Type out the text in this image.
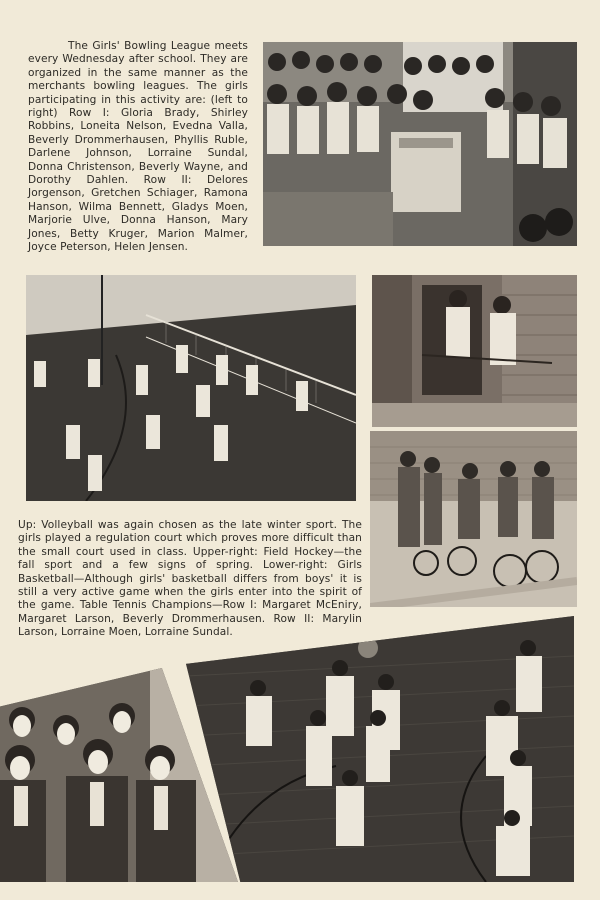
The Girls' Bowling League meets every Wednesday after school. They are organized in the same manner as the merchants bowling leagues. The girls participating in this activity are: (left to right) Row I: Gloria Brady, Shirley Robbins, Loneita Nelson, Evedna Valla, Beverly Drommerhausen, Phyllis Ruble, Darlene Johnson, Lorraine Sundal, Donna Christenson, Beverly Wayne, and Dorothy Dahlen. Row II: Delores Jorgenson, Gretchen Schiager, Ramona Hanson, Wilma Bennett, Gladys Moen, Marjorie Ulve, Donna Hanson, Mary Jones, Betty Kruger, Marion Malmer, Joyce Peterson, Helen Jensen.

Up: Volleyball was again chosen as the late winter sport. The girls played a regulation court which proves more difficult than the small court used in class. Upper-right: Field Hockey—the fall sport and a few signs of spring. Lower-right: Girls Basketball—Although girls' basketball differs from boys' it is still a very active game when the girls enter into the spirit of the game. Table Tennis Champions—Row I: Margaret McEniry, Margaret Larson, Beverly Drommerhausen. Row II: Marylin Larson, Lorraine Moen, Lorraine Sundal.
